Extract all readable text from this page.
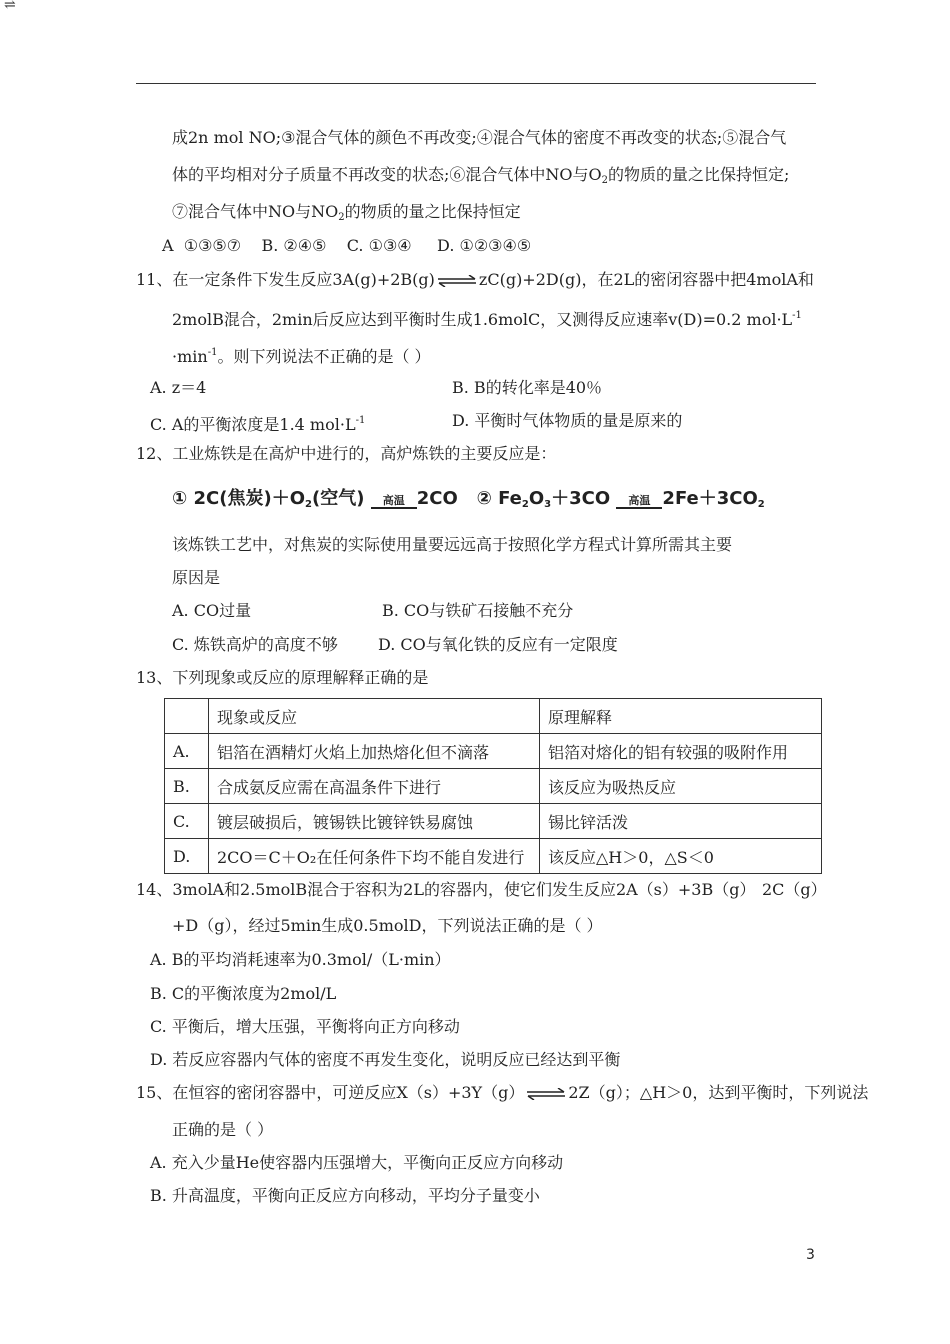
⇌
成2n mol NO;③混合气体的颜色不再改变;④混合气体的密度不再改变的状态;⑤混合气
体的平均相对分子质量不再改变的状态;⑥混合气体中NO与$O_2$的物质的量之比保持恒定;
⑦混合气体中NO与$NO_2$的物质的量之比保持恒定
A  ①③⑤⑦    B. ②④⑤    C. ①③④     D. ①②③④⑤
11、在一定条件下发生反应3A(g)+2B(g) ⇌ zC(g)+2D(g)，在2L的密闭容器中把4molA和
2molB混合，2min后反应达到平衡时生成1.6molC，又测得反应速率v(D)=0.2 $mol\cdot L^{-1}$
$\cdot\min^{-1}$。则下列说法不正确的是（ ）
A. z＝4	B. B的转化率是40％
C. A的平衡浓度是1.4 $mol\cdot L^{-1}$	D. 平衡时气体物质的量是原来的
12、工业炼铁是在高炉中进行的，高炉炼铁的主要反应是：
① 2C(焦炭)$+O_2$(空气)	高温 2CO ② $Fe_2O_3+3CO$	高温 $2Fe+3CO_2$
该炼铁工艺中，对焦炭的实际使用量要远远高于按照化学方程式计算所需其主要
原因是
A. CO过量	B. CO与铁矿石接触不充分
C. 炼铁高炉的高度不够	D. CO与氧化铁的反应有一定限度
13、下列现象或反应的原理解释正确的是
	现象或反应	原理解释
A.	铝箔在酒精灯火焰上加热熔化但不滴落	铝箔对熔化的铝有较强的吸附作用
B.	合成氨反应需在高温条件下进行	该反应为吸热反应
C.	镀层破损后，镀锡铁比镀锌铁易腐蚀	锡比锌活泼
D.	2CO＝C＋O₂在任何条件下均不能自发进行	该反应△H＞0，△S＜0
14、3molA和2.5molB混合于容积为2L的容器内，使它们发生反应2A（s）+3B（g） 2C（g）
+D（g），经过5min生成0.5molD，下列说法正确的是（ ）
A. B的平均消耗速率为0.3mol/（L·min）
B. C的平衡浓度为2mol/L
C. 平衡后，增大压强，平衡将向正方向移动
D. 若反应容器内气体的密度不再发生变化，说明反应已经达到平衡
15、在恒容的密闭容器中，可逆反应X（s）+3Y（g） ⇌ 2Z（g）；△H＞0，达到平衡时，下列说法
正确的是（ ）
A. 充入少量He使容器内压强增大，平衡向正反应方向移动
B. 升高温度，平衡向正反应方向移动，平均分子量变小
3
